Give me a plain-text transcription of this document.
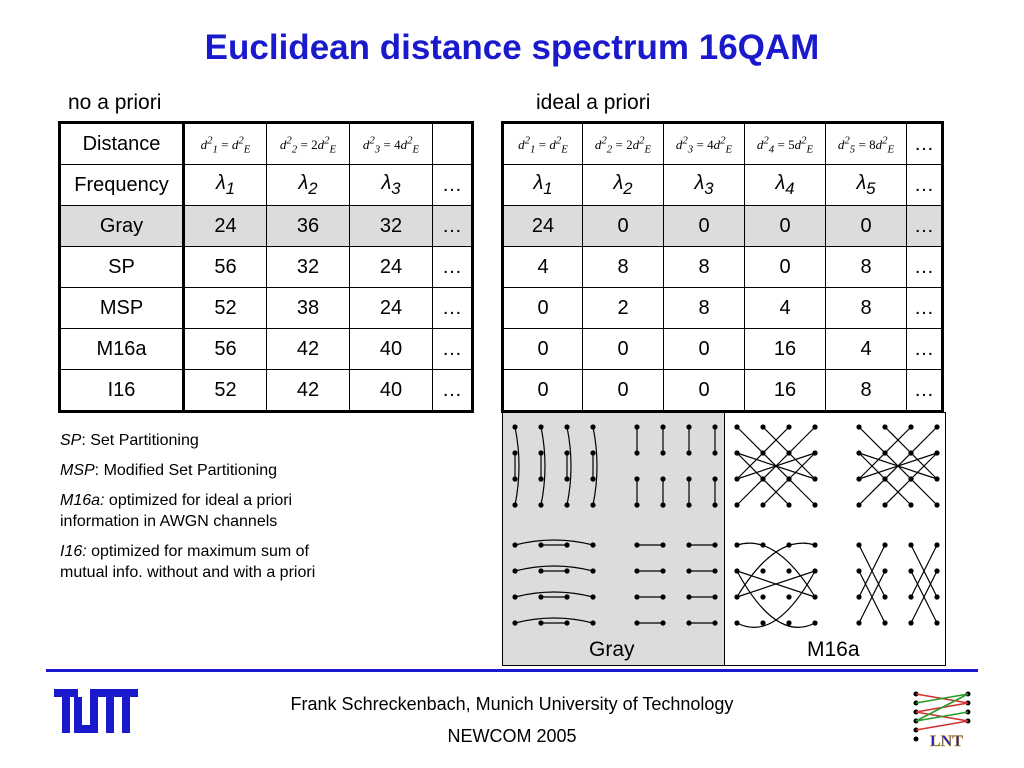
Euclidean distance spectrum 16QAM
no a priori	ideal a priori
Distance	$d^2_1 = d^2_E$	$d^2_2 = 2d^2_E$	$d^2_3 = 4d^2_E$	
Frequency	$\lambda_1$	$\lambda_2$	$\lambda_3$	…
Gray	24	36	32	…
SP	56	32	24	…
MSP	52	38	24	…
M16a	56	42	40	…
I16	52	42	40	…
$d^2_1 = d^2_E$	$d^2_2 = 2d^2_E$	$d^2_3 = 4d^2_E$	$d^2_4 = 5d^2_E$	$d^2_5 = 8d^2_E$	…
$\lambda_1$	$\lambda_2$	$\lambda_3$	$\lambda_4$	$\lambda_5$	…
24	0	0	0	0	…
4	8	8	0	8	…
0	2	8	4	8	…
0	0	0	16	4	…
0	0	0	16	8	…

SP: Set Partitioning

MSP: Modified Set Partitioning

M16a: optimized for ideal a priori information in AWGN channels

I16: optimized for maximum sum of mutual info. without and with a priori

Gray	M16a
Frank Schreckenbach, Munich University of Technology
NEWCOM 2005	LNT
